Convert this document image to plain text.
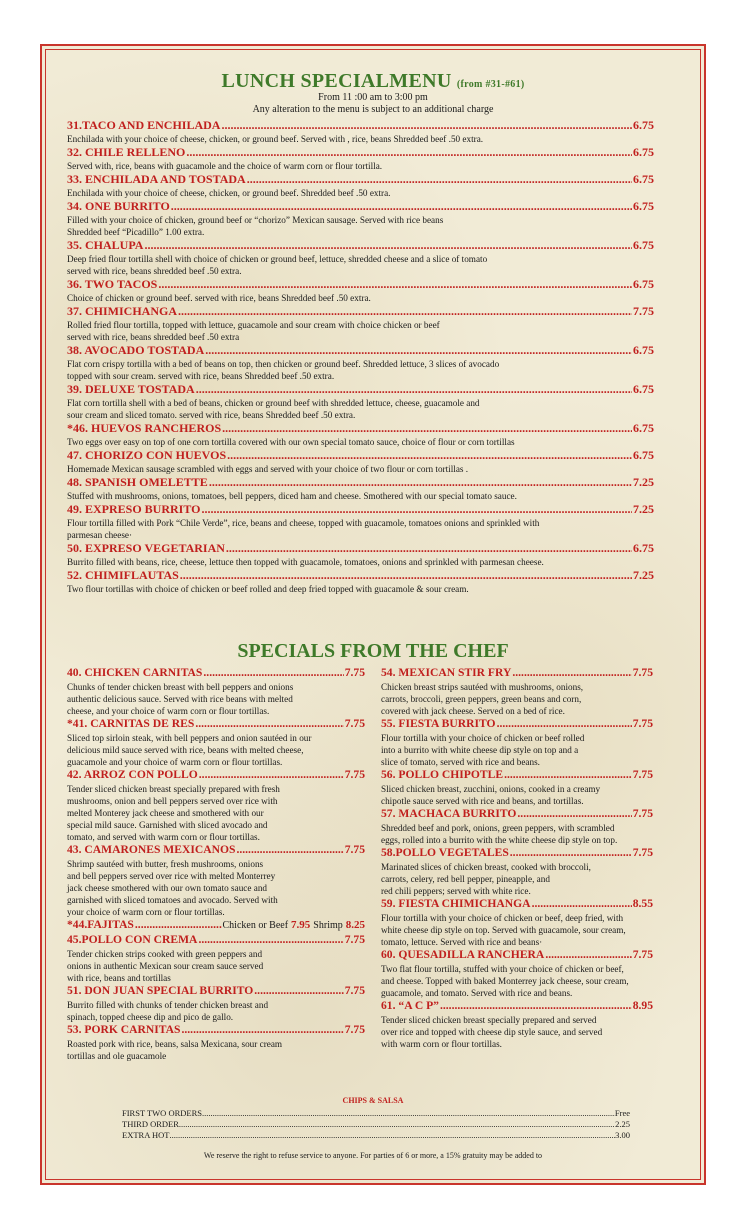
LUNCH SPECIALMENU (from #31-#61)
From 11 :00 am to 3:00 pm
Any alteration to the menu is subject to an additional charge
31.TACO AND ENCHILADA .....	6.75
Enchilada with your choice of cheese, chicken, or ground beef. Served with , rice, beans Shredded beef .50 extra.
32. CHILE RELLENO .....	6.75
Served with, rice, beans with guacamole and the choice of warm corn or flour tortilla.
33. ENCHILADA AND TOSTADA .....	6.75
Enchilada with your choice of cheese, chicken, or ground beef. Shredded beef .50 extra.
34. ONE BURRITO .....	6.75
Filled with your choice of chicken, ground beef or “chorizo” Mexican sausage. Served with rice beans
Shredded beef “Picadillo” 1.00 extra.
35. CHALUPA .....	6.75
Deep fried flour tortilla shell with choice of chicken or ground beef, lettuce, shredded cheese and a slice of tomato
served with rice, beans shredded beef .50 extra.
36. TWO TACOS .....	6.75
Choice of chicken or ground beef. served with rice, beans Shredded beef .50 extra.
37. CHIMICHANGA .....	7.75
Rolled fried flour tortilla, topped with lettuce, guacamole and sour cream with choice chicken or beef
served with rice, beans shredded beef .50 extra
38. AVOCADO TOSTADA .....	6.75
Flat corn crispy tortilla with a bed of beans on top, then chicken or ground beef. Shredded lettuce, 3 slices of avocado
topped with sour cream. served with rice, beans Shredded beef .50 extra.
39. DELUXE TOSTADA .....	6.75
Flat corn tortilla shell with a bed of beans, chicken or ground beef with shredded lettuce, cheese, guacamole and
sour cream and sliced tomato. served with rice, beans Shredded beef .50 extra.
*46. HUEVOS RANCHEROS .....	6.75
Two eggs over easy on top of one corn tortilla covered with our own special tomato sauce, choice of flour or corn tortillas
47. CHORIZO CON HUEVOS .....	6.75
Homemade Mexican sausage scrambled with eggs and served with your choice of two flour or corn tortillas .
48. SPANISH OMELETTE .....	7.25
Stuffed with mushrooms, onions, tomatoes, bell peppers, diced ham and cheese. Smothered with our special tomato sauce.
49. EXPRESO BURRITO .....	7.25
Flour tortilla filled with Pork “Chile Verde”, rice, beans and cheese, topped with guacamole, tomatoes onions and sprinkled with
parmesan cheese·
50. EXPRESO VEGETARIAN .....	6.75
Burrito filled with beans, rice, cheese, lettuce then topped with guacamole, tomatoes, onions and sprinkled with parmesan cheese.
52. CHIMIFLAUTAS .....	7.25
Two flour tortillas with choice of chicken or beef rolled and deep fried topped with guacamole & sour cream.
SPECIALS FROM THE CHEF
40. CHICKEN CARNITAS .....	7.75
Chunks of tender chicken breast with bell peppers and onions
authentic delicious sauce. Served with rice beans with melted
cheese, and your choice of warm corn or flour tortillas.
*41. CARNITAS DE RES .....	7.75
Sliced top sirloin steak, with bell peppers and onion sautéed in our
delicious mild sauce served with rice, beans with melted cheese,
guacamole and your choice of warm corn or flour tortillas.
42. ARROZ CON POLLO .....	7.75
Tender sliced chicken breast specially prepared with fresh
mushrooms, onion and bell peppers served over rice with
melted Monterey jack cheese and smothered with our
special mild sauce. Garnished with sliced avocado and
tomato, and served with warm corn or flour tortillas.
43. CAMARONES MEXICANOS .....	7.75
Shrimp sautéed with butter, fresh mushrooms, onions
and bell peppers served over rice with melted Monterrey
jack cheese smothered with our own tomato sauce and
garnished with sliced tomatoes and avocado. Served with
your choice of warm corn or flour tortillas.
*44.FAJITAS .....	Chicken or Beef 7.95 Shrimp 8.25
45.POLLO CON CREMA .....	7.75
Tender chicken strips cooked with green peppers and
onions in authentic Mexican sour cream sauce served
with rice, beans and tortillas
51. DON JUAN SPECIAL BURRITO .....	7.75
Burrito filled with chunks of tender chicken breast and
spinach, topped cheese dip and pico de gallo.
53. PORK CARNITAS .....	7.75
Roasted pork with rice, beans, salsa Mexicana, sour cream
tortillas and ole guacamole
54. MEXICAN STIR FRY .....	7.75
Chicken breast strips sautéed with mushrooms, onions,
carrots, broccoli, green peppers, green beans and corn,
covered with jack cheese. Served on a bed of rice.
55. FIESTA BURRITO .....	7.75
Flour tortilla with your choice of chicken or beef rolled
into a burrito with white cheese dip style on top and a
slice of tomato, served with rice and beans.
56. POLLO CHIPOTLE .....	7.75
Sliced chicken breast, zucchini, onions, cooked in a creamy
chipotle sauce served with rice and beans, and tortillas.
57. MACHACA BURRITO .....	7.75
Shredded beef and pork, onions, green peppers, with scrambled
eggs, rolled into a burrito with the white cheese dip style on top.
58.POLLO VEGETALES .....	7.75
Marinated slices of chicken breast, cooked with broccoli,
carrots, celery, red bell pepper, pineapple, and
red chili peppers; served with white rice.
59. FIESTA CHIMICHANGA .....	8.55
Flour tortilla with your choice of chicken or beef, deep fried, with
white cheese dip style on top. Served with guacamole, sour cream,
tomato, lettuce. Served with rice and beans·
60. QUESADILLA RANCHERA .....	7.75
Two flat flour tortilla, stuffed with your choice of chicken or beef,
and cheese. Topped with baked Monterrey jack cheese, sour cream,
guacamole, and tomato. Served with rice and beans.
61. “A C P” .....	8.95
Tender sliced chicken breast specially prepared and served
over rice and topped with cheese dip style sauce, and served
with warm corn or flour tortillas.
CHIPS & SALSA
FIRST TWO ORDERS .....	Free
THIRD ORDER .....	2.25
EXTRA HOT .....	3.00
We reserve the right to refuse service to anyone. For parties of 6 or more, a 15% gratuity may be added to
